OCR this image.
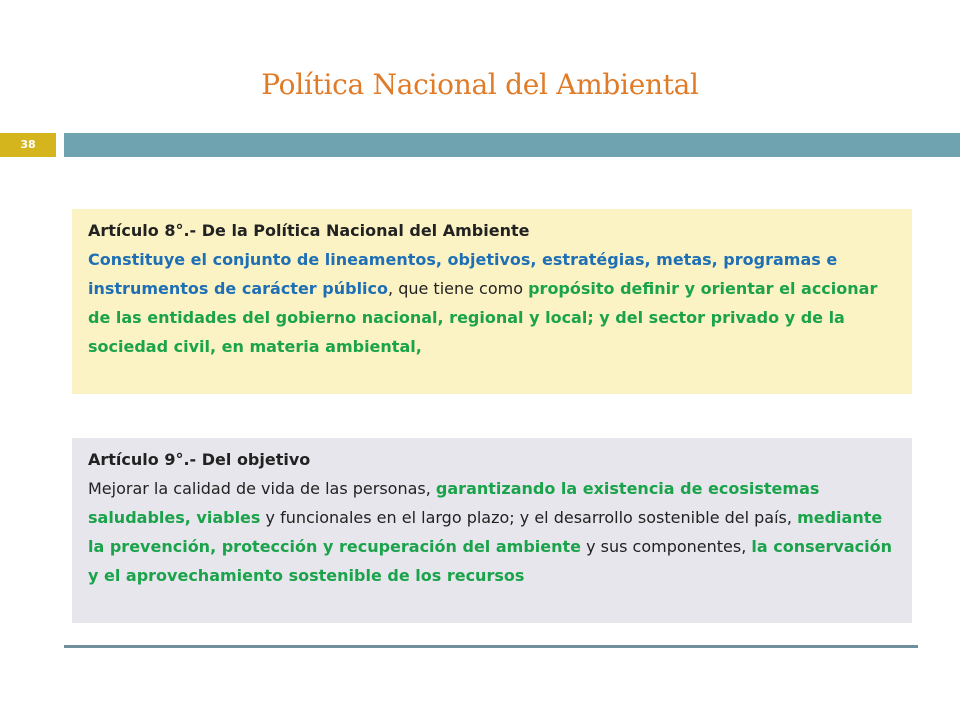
Política Nacional del Ambiental
38
Artículo 8°.- De la Política Nacional del Ambiente
Constituye el conjunto de lineamentos, objetivos, estratégias, metas, programas e instrumentos de carácter público, que tiene como propósito definir y orientar el accionar de las entidades del gobierno nacional, regional y local; y del sector privado y de la sociedad civil, en materia ambiental,
Artículo 9°.- Del objetivo
Mejorar la calidad de vida de las personas, garantizando la existencia de ecosistemas saludables, viables y funcionales en el largo plazo; y el desarrollo sostenible del país, mediante la prevención, protección y recuperación del ambiente y sus componentes, la conservación y el aprovechamiento sostenible de los recursos
